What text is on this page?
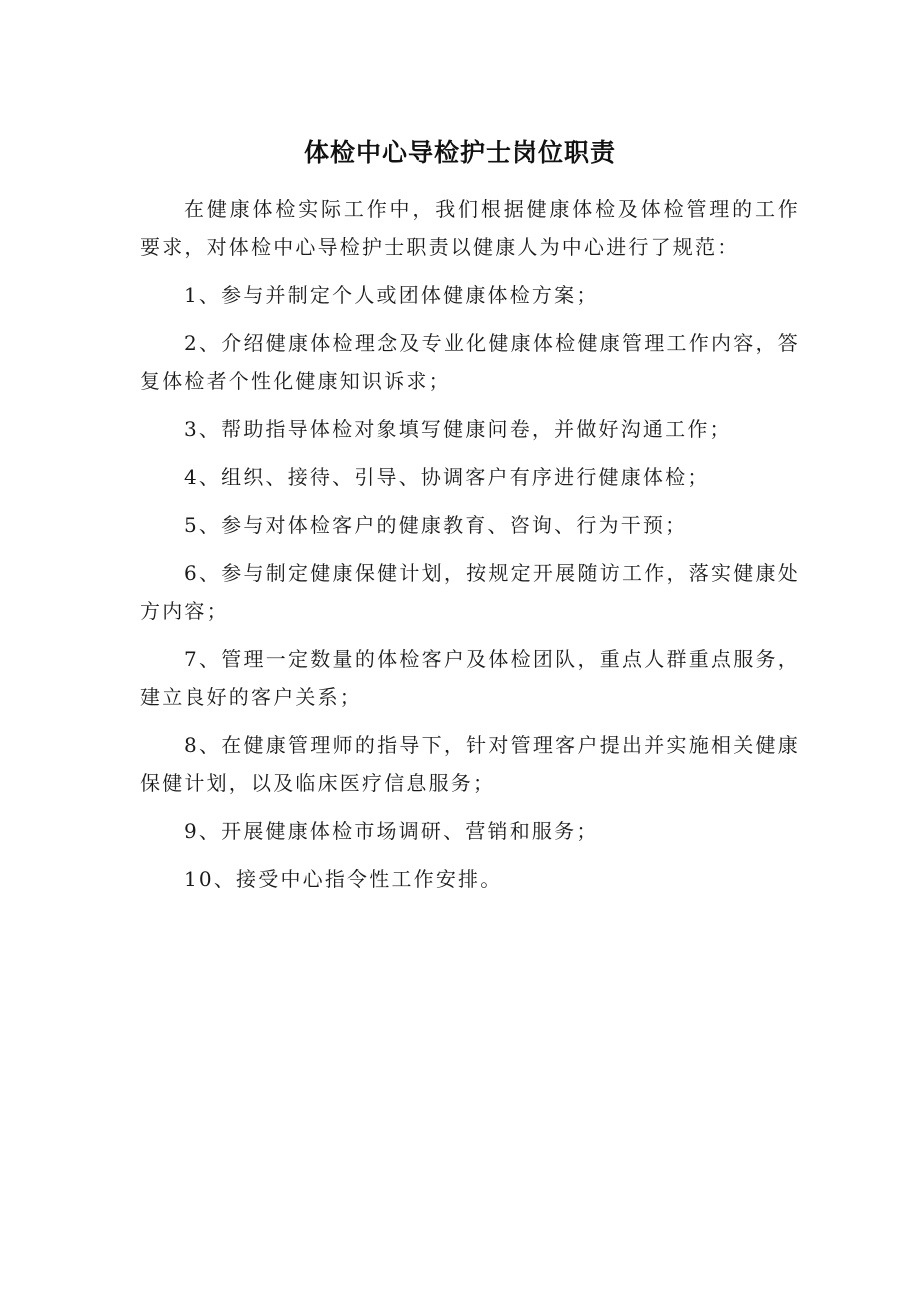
体检中心导检护士岗位职责

在健康体检实际工作中，我们根据健康体检及体检管理的工作要求，对体检中心导检护士职责以健康人为中心进行了规范：

1、参与并制定个人或团体健康体检方案；

2、介绍健康体检理念及专业化健康体检健康管理工作内容，答复体检者个性化健康知识诉求；

3、帮助指导体检对象填写健康问卷，并做好沟通工作；

4、组织、接待、引导、协调客户有序进行健康体检；

5、参与对体检客户的健康教育、咨询、行为干预；

6、参与制定健康保健计划，按规定开展随访工作，落实健康处方内容；

7、管理一定数量的体检客户及体检团队，重点人群重点服务，建立良好的客户关系；

8、在健康管理师的指导下，针对管理客户提出并实施相关健康保健计划，以及临床医疗信息服务；

9、开展健康体检市场调研、营销和服务；

10、接受中心指令性工作安排。
